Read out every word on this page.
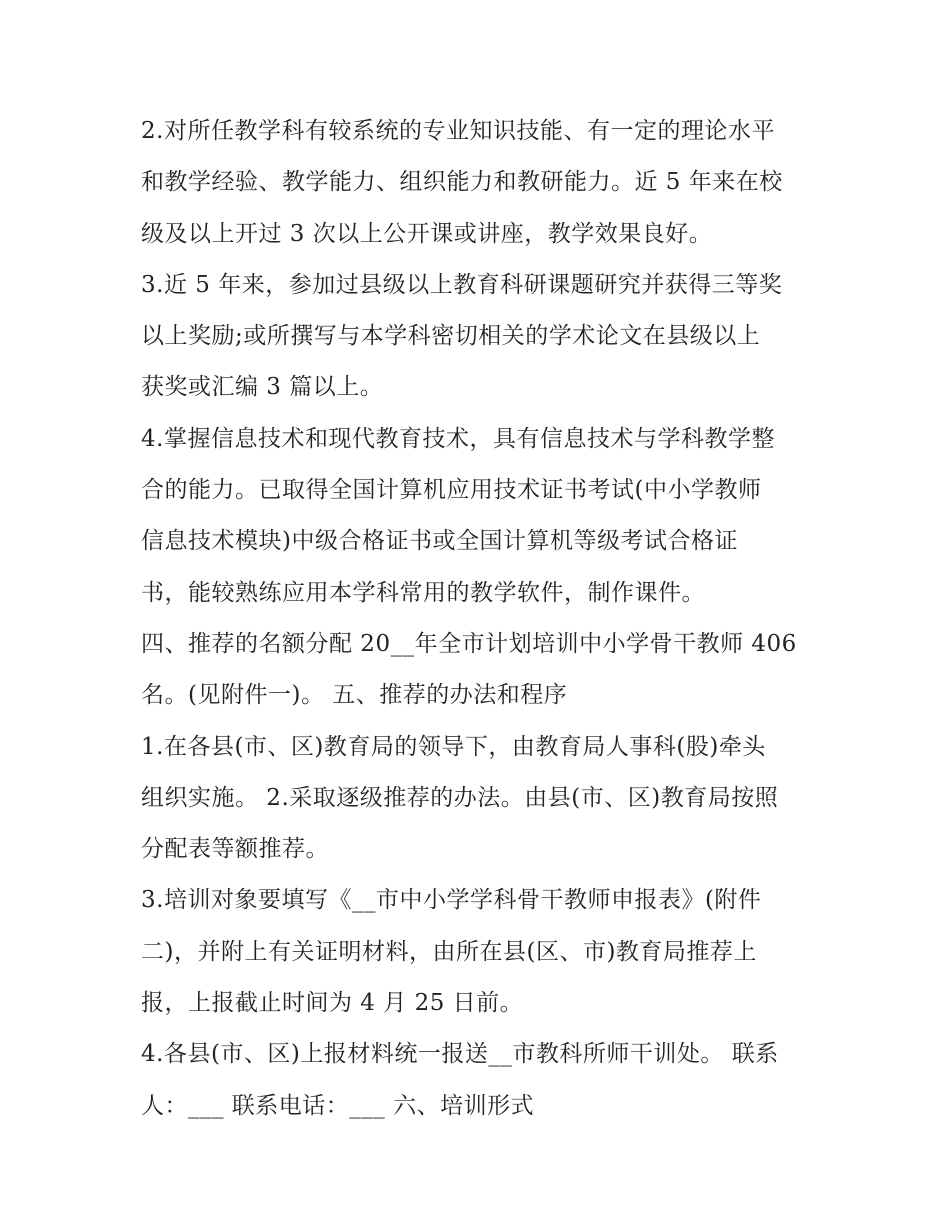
2.对所任教学科有较系统的专业知识技能、有一定的理论水平
和教学经验、教学能力、组织能力和教研能力。近 5 年来在校
级及以上开过 3 次以上公开课或讲座，教学效果良好。
3.近 5 年来，参加过县级以上教育科研课题研究并获得三等奖
以上奖励;或所撰写与本学科密切相关的学术论文在县级以上
获奖或汇编 3 篇以上。
4.掌握信息技术和现代教育技术，具有信息技术与学科教学整
合的能力。已取得全国计算机应用技术证书考试(中小学教师
信息技术模块)中级合格证书或全国计算机等级考试合格证
书，能较熟练应用本学科常用的教学软件，制作课件。
四、推荐的名额分配 20__年全市计划培训中小学骨干教师 406
名。(见附件一)。 五、推荐的办法和程序
1.在各县(市、区)教育局的领导下，由教育局人事科(股)牵头
组织实施。 2.采取逐级推荐的办法。由县(市、区)教育局按照
分配表等额推荐。
3.培训对象要填写《__市中小学学科骨干教师申报表》(附件
二)，并附上有关证明材料，由所在县(区、市)教育局推荐上
报，上报截止时间为 4 月 25 日前。
4.各县(市、区)上报材料统一报送__市教科所师干训处。 联系
人：___ 联系电话：___ 六、培训形式
